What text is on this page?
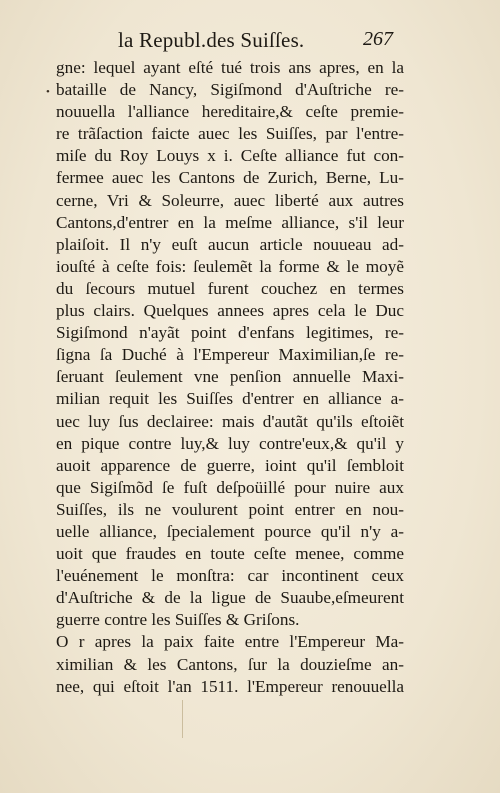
la Republ.des Suiſſes.	267
•
gne: lequel ayant eſté tué trois ans apres, en la
bataille de Nancy, Sigiſmond d'Auſtriche re-
nouuella l'alliance hereditaire,& ceſte premie-
re trãſaction faicte auec les Suiſſes, par l'entre-
miſe du Roy Louys x i. Ceſte alliance fut con-
fermee auec les Cantons de Zurich, Berne, Lu-
cerne, Vri & Soleurre, auec liberté aux autres
Cantons,d'entrer en la meſme alliance, s'il leur
plaiſoit. Il n'y euſt aucun article nouueau ad-
iouſté à ceſte fois: ſeulemẽt la forme & le moyẽ
du ſecours mutuel furent couchez en termes
plus clairs. Quelques annees apres cela le Duc
Sigiſmond n'ayãt point d'enfans legitimes, re-
ſigna ſa Duché à l'Empereur Maximilian,ſe re-
ſeruant ſeulement vne penſion annuelle Maxi-
milian requit les Suiſſes d'entrer en alliance a-
uec luy ſus declairee: mais d'autãt qu'ils eſtoiẽt
en pique contre luy,& luy contre'eux,& qu'il y
auoit apparence de guerre, ioint qu'il ſembloit
que Sigiſmõd ſe fuſt deſpoüillé pour nuire aux
Suiſſes, ils ne voulurent point entrer en nou-
uelle alliance, ſpecialement pource qu'il n'y a-
uoit que fraudes en toute ceſte menee, comme
l'euénement le monſtra: car incontinent ceux
d'Auſtriche & de la ligue de Suaube,eſmeurent
guerre contre les Suiſſes & Griſons.
O r apres la paix faite entre l'Empereur Ma-
ximilian & les Cantons, ſur la douzieſme an-
nee, qui eſtoit l'an 1511. l'Empereur renouuella
